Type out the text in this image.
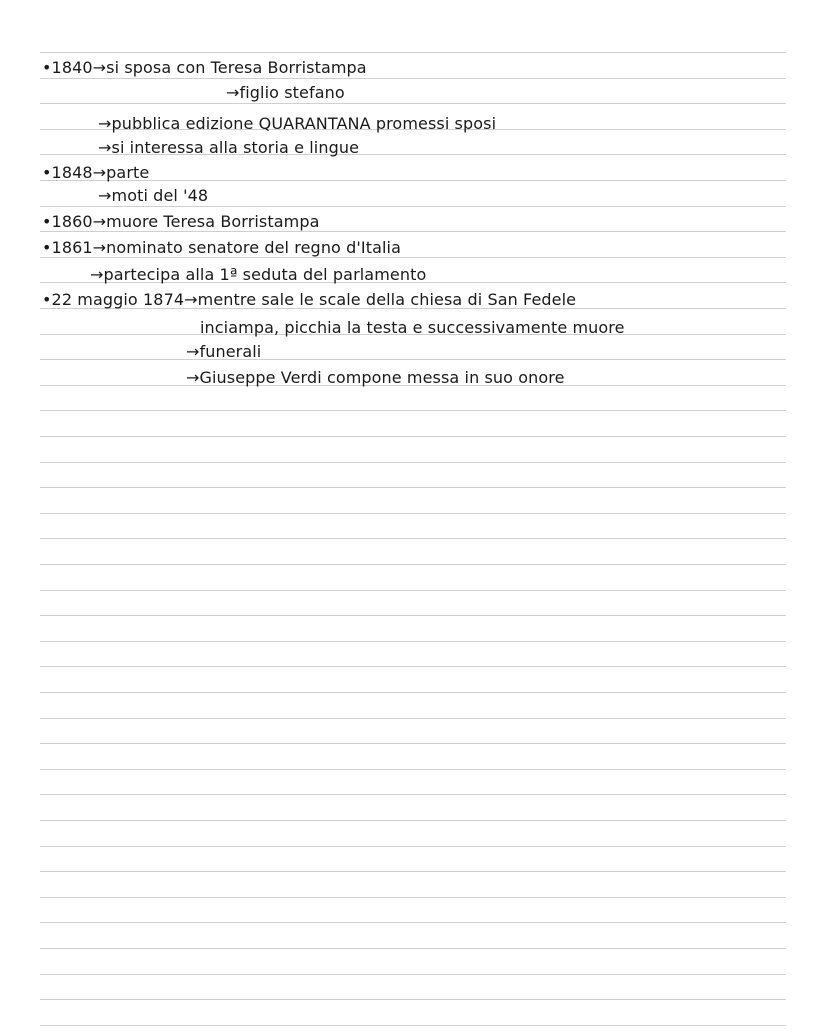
•1840→si sposa con Teresa Borristampa
→figlio stefano
→pubblica edizione QUARANTANA promessi sposi
→si interessa alla storia e lingue
•1848→parte
→moti del '48
•1860→muore Teresa Borristampa
•1861→nominato senatore del regno d'Italia
→partecipa alla 1ª seduta del parlamento
•22 maggio 1874→mentre sale le scale della chiesa di San Fedele
inciampa, picchia la testa e successivamente muore
→funerali
→Giuseppe Verdi compone messa in suo onore
